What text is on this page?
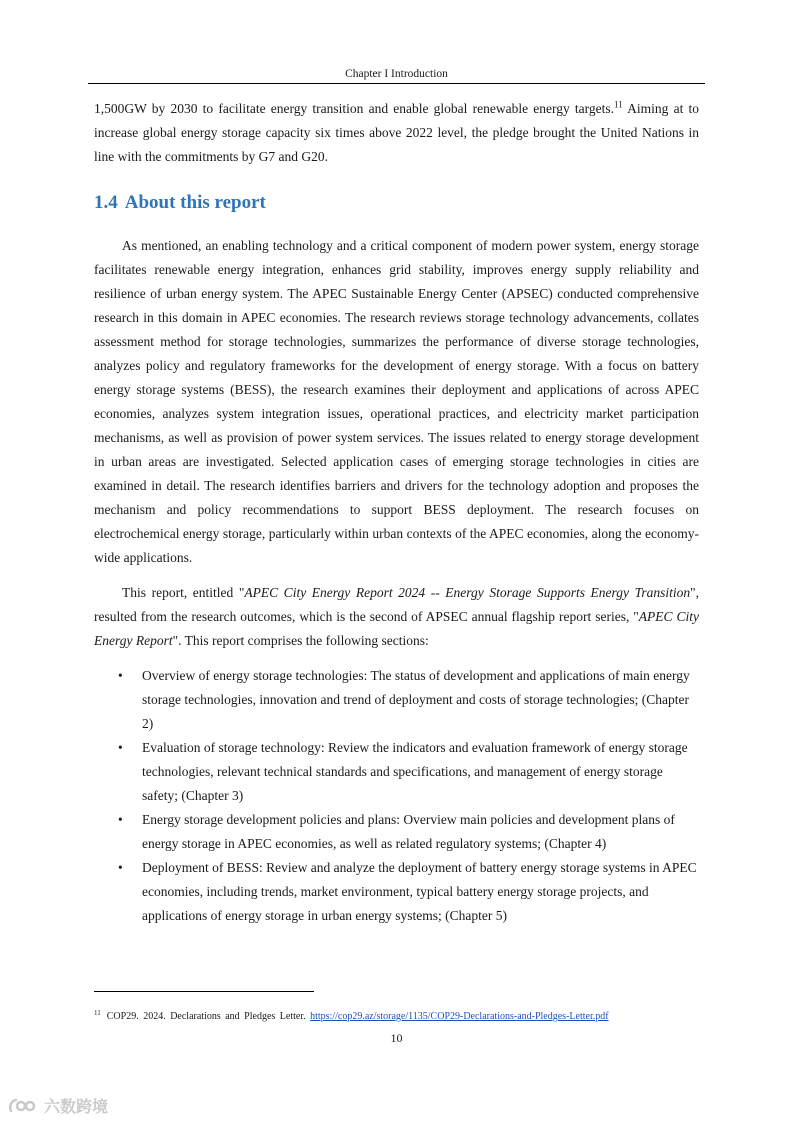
Chapter I Introduction

1,500GW by 2030 to facilitate energy transition and enable global renewable energy targets.$^{11}$ Aiming at to increase global energy storage capacity six times above 2022 level, the pledge brought the United Nations in line with the commitments by G7 and G20.

1.4 About this report

As mentioned, an enabling technology and a critical component of modern power system, energy storage facilitates renewable energy integration, enhances grid stability, improves energy supply reliability and resilience of urban energy system. The APEC Sustainable Energy Center (APSEC) conducted comprehensive research in this domain in APEC economies. The research reviews storage technology advancements, collates assessment method for storage technologies, summarizes the performance of diverse storage technologies, analyzes policy and regulatory frameworks for the development of energy storage. With a focus on battery energy storage systems (BESS), the research examines their deployment and applications of across APEC economies, analyzes system integration issues, operational practices, and electricity market participation mechanisms, as well as provision of power system services. The issues related to energy storage development in urban areas are investigated. Selected application cases of emerging storage technologies in cities are examined in detail. The research identifies barriers and drivers for the technology adoption and proposes the mechanism and policy recommendations to support BESS deployment. The research focuses on electrochemical energy storage, particularly within urban contexts of the APEC economies, along the economy-wide applications.

This report, entitled "APEC City Energy Report 2024 -- Energy Storage Supports Energy Transition", resulted from the research outcomes, which is the second of APSEC annual flagship report series, "APEC City Energy Report". This report comprises the following sections:

• Overview of energy storage technologies: The status of development and applications of main energy storage technologies, innovation and trend of deployment and costs of storage technologies; (Chapter 2)
• Evaluation of storage technology: Review the indicators and evaluation framework of energy storage technologies, relevant technical standards and specifications, and management of energy storage safety; (Chapter 3)
• Energy storage development policies and plans: Overview main policies and development plans of energy storage in APEC economies, as well as related regulatory systems; (Chapter 4)
• Deployment of BESS: Review and analyze the deployment of battery energy storage systems in APEC economies, including trends, market environment, typical battery energy storage projects, and applications of energy storage in urban energy systems; (Chapter 5)
$^{11}$ COP29. 2024. Declarations and Pledges Letter. https://cop29.az/storage/1135/COP29-Declarations-and-Pledges-Letter.pdf
10
六数跨境
